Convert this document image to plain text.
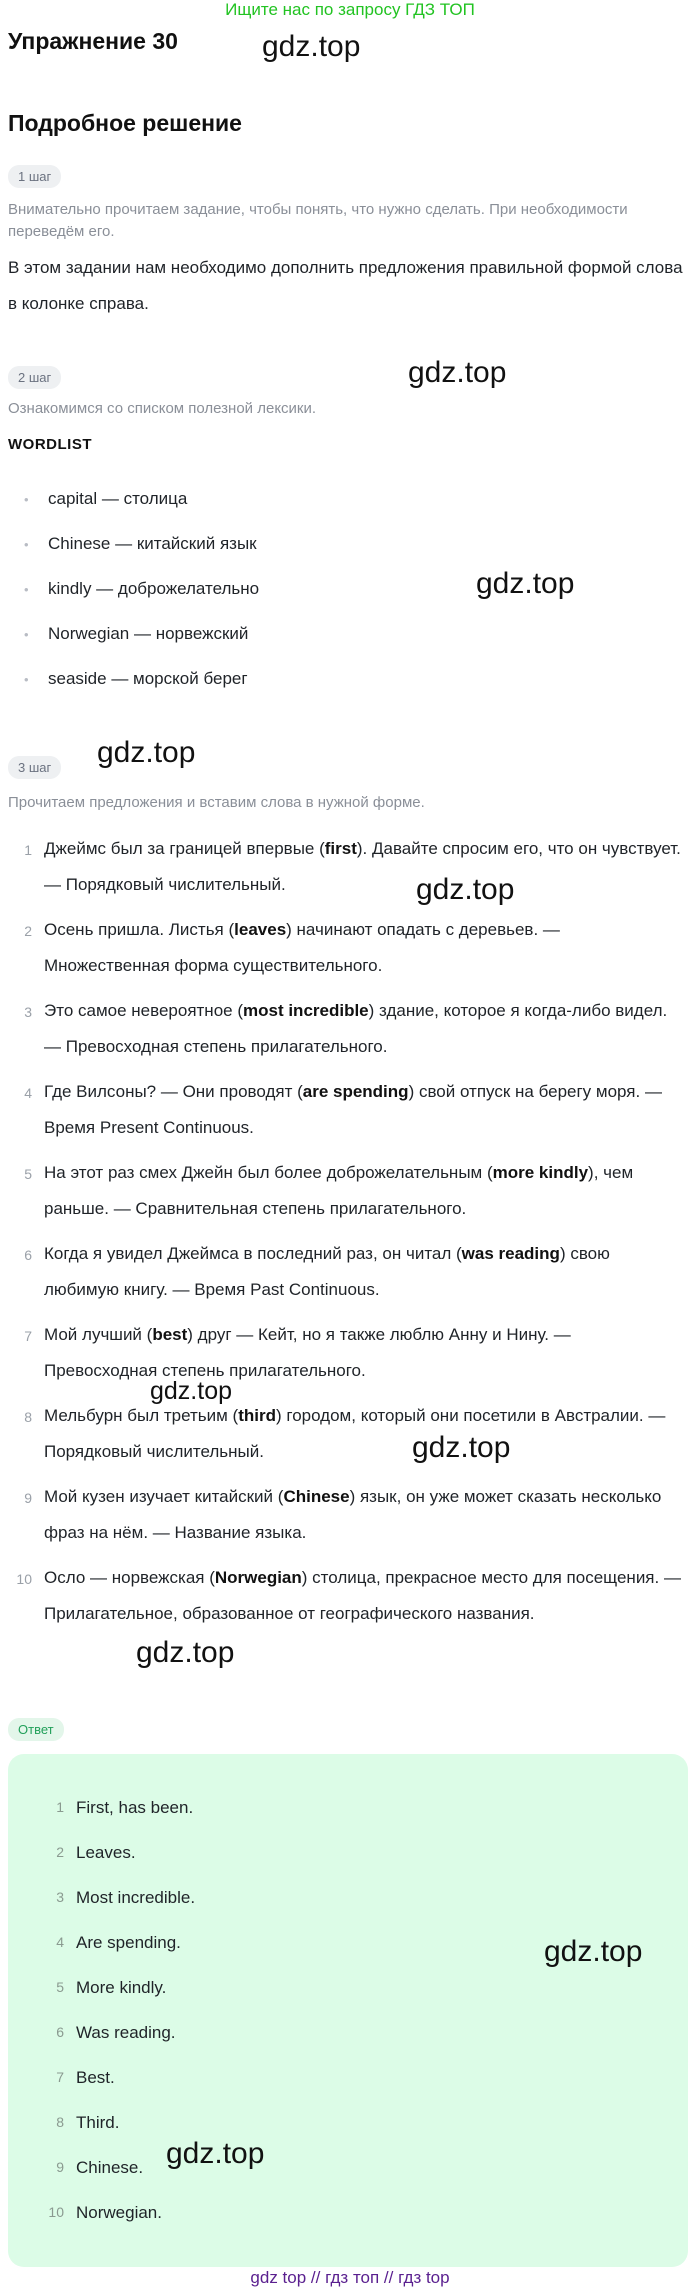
Ищите нас по запросу ГДЗ ТОП
Упражнение 30	gdz.top
Подробное решение
1 шаг
Внимательно прочитаем задание, чтобы понять, что нужно сделать. При необходимости переведём его.
В этом задании нам необходимо дополнить предложения правильной формой слова в колонке справа.
2 шаг	gdz.top
Ознакомимся со списком полезной лексики.
WORDLIST
• capital — столица
• Chinese — китайский язык
• kindly — доброжелательно
• Norwegian — норвежский
• seaside — морской берег
gdz.top
3 шаг	gdz.top
Прочитаем предложения и вставим слова в нужной форме.
1 Джеймс был за границей впервые (first). Давайте спросим его, что он чувствует. — Порядковый числительный.
2 Осень пришла. Листья (leaves) начинают опадать с деревьев. — Множественная форма существительного.
3 Это самое невероятное (most incredible) здание, которое я когда-либо видел. — Превосходная степень прилагательного.
4 Где Вилсоны? — Они проводят (are spending) свой отпуск на берегу моря. — Время Present Continuous.
5 На этот раз смех Джейн был более доброжелательным (more kindly), чем раньше. — Сравнительная степень прилагательного.
6 Когда я увидел Джеймса в последний раз, он читал (was reading) свою любимую книгу. — Время Past Continuous.
7 Мой лучший (best) друг — Кейт, но я также люблю Анну и Нину. — Превосходная степень прилагательного.
8 Мельбурн был третьим (third) городом, который они посетили в Австралии. — Порядковый числительный.
9 Мой кузен изучает китайский (Chinese) язык, он уже может сказать несколько фраз на нём. — Название языка.
10 Осло — норвежская (Norwegian) столица, прекрасное место для посещения. — Прилагательное, образованное от географического названия.
gdz.top
gdz.top
gdz.top
gdz.top
Ответ
1 First, has been.
2 Leaves.
3 Most incredible.
4 Are spending.
5 More kindly.
6 Was reading.
7 Best.
8 Third.
9 Chinese.
10 Norwegian.
gdz.top
gdz.top
gdz top // гдз топ // гдз top
